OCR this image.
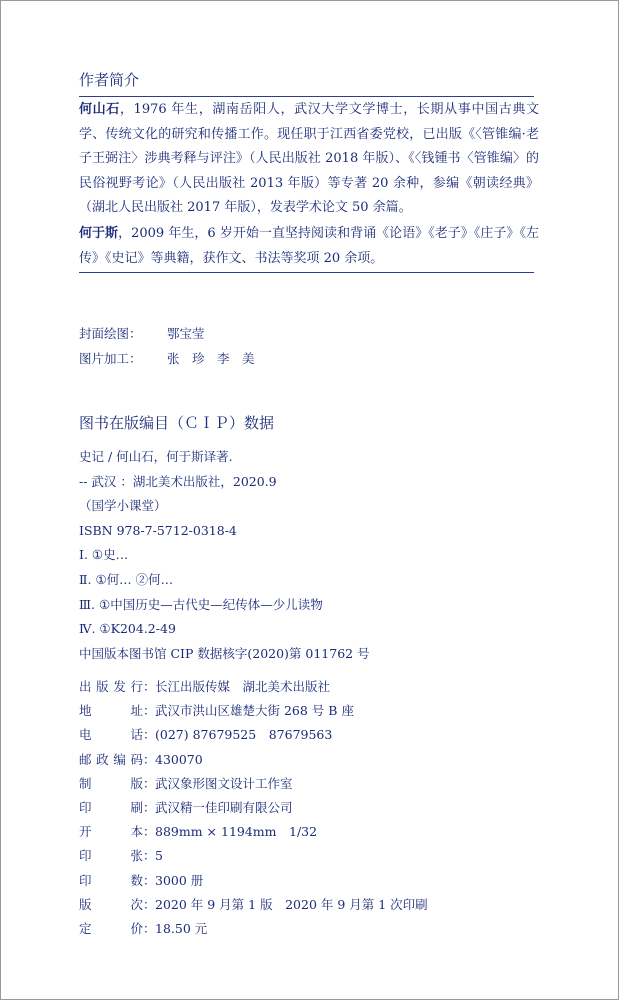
作者简介
何山石，1976 年生，湖南岳阳人，武汉大学文学博士，长期从事中国古典文学、传统文化的研究和传播工作。现任职于江西省委党校，已出版《〈管锥编·老子王弼注〉涉典考释与评注》（人民出版社 2018 年版）、《〈钱锺书〈管锥编〉的民俗视野考论》（人民出版社 2013 年版）等专著 20 余种，参编《朝读经典》（湖北人民出版社 2017 年版），发表学术论文 50 余篇。
何于斯，2009 年生，6 岁开始一直坚持阅读和背诵《论语》《老子》《庄子》《左传》《史记》等典籍，获作文、书法等奖项 20 余项。
封面绘图： 鄂宝莹
图片加工： 张　珍　李　美
图书在版编目（ＣＩＰ）数据
史记 / 何山石，何于斯译著.
-- 武汉 ：湖北美术出版社，2020.9
（国学小课堂）
ISBN 978-7-5712-0318-4
Ⅰ. ①史…
Ⅱ. ①何… ②何…
Ⅲ. ①中国历史—古代史—纪传体—少儿读物
Ⅳ. ①K204.2-49
中国版本图书馆 CIP 数据核字(2020)第 011762 号
出版发行：长江出版传媒　湖北美术出版社
地址：武汉市洪山区雄楚大街 268 号 B 座
电话：(027) 87679525　87679563
邮政编码：430070
制版：武汉象形图文设计工作室
印刷：武汉精一佳印刷有限公司
开本：889mm × 1194mm　1/32
印张：5
印数：3000 册
版次：2020 年 9 月第 1 版　2020 年 9 月第 1 次印刷
定价：18.50 元
